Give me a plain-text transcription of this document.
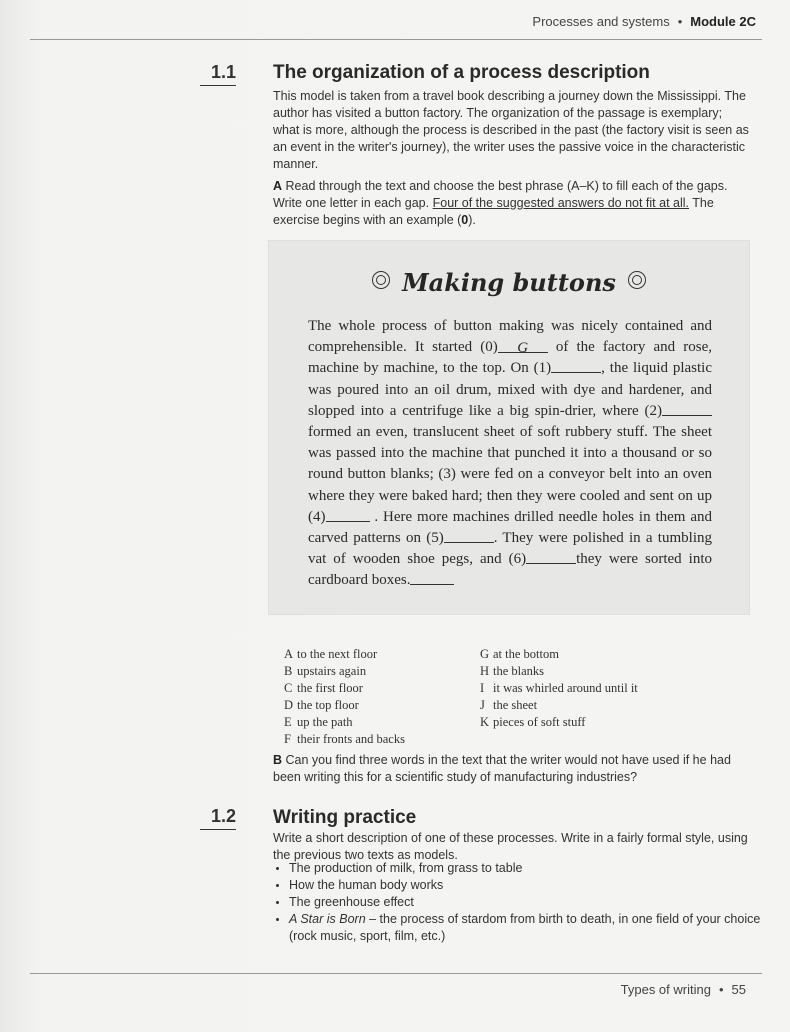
Processes and systems • Module 2C
1.1 The organization of a process description
This model is taken from a travel book describing a journey down the Mississippi. The author has visited a button factory. The organization of the passage is exemplary; what is more, although the process is described in the past (the factory visit is seen as an event in the writer's journey), the writer uses the passive voice in the characteristic manner.
A Read through the text and choose the best phrase (A–K) to fill each of the gaps. Write one letter in each gap. Four of the suggested answers do not fit at all. The exercise begins with an example (0).
Making buttons
The whole process of button making was nicely contained and comprehensible. It started (0) G of the factory and rose, machine by machine, to the top. On (1)	, the liquid plastic was poured into an oil drum, mixed with dye and hardener, and slopped into a centrifuge like a big spin-drier, where (2) formed an even, translucent sheet of soft rubbery stuff. The sheet was passed into the machine that punched it into a thousand or so round button blanks; (3) were fed on a conveyor belt into an oven where they were baked hard; then they were cooled and sent on up (4)	. Here more machines drilled needle holes in them and carved patterns on (5)	. They were polished in a tumbling vat of wooden shoe pegs, and (6)	they were sorted into cardboard boxes.
A to the next floor
B upstairs again
C the first floor
D the top floor
E up the path
F their fronts and backs
G at the bottom
H the blanks
I it was whirled around until it
J the sheet
K pieces of soft stuff
B Can you find three words in the text that the writer would not have used if he had been writing this for a scientific study of manufacturing industries?
1.2 Writing practice
Write a short description of one of these processes. Write in a fairly formal style, using the previous two texts as models.
• The production of milk, from grass to table
• How the human body works
• The greenhouse effect
• A Star is Born – the process of stardom from birth to death, in one field of your choice (rock music, sport, film, etc.)
Types of writing • 55
